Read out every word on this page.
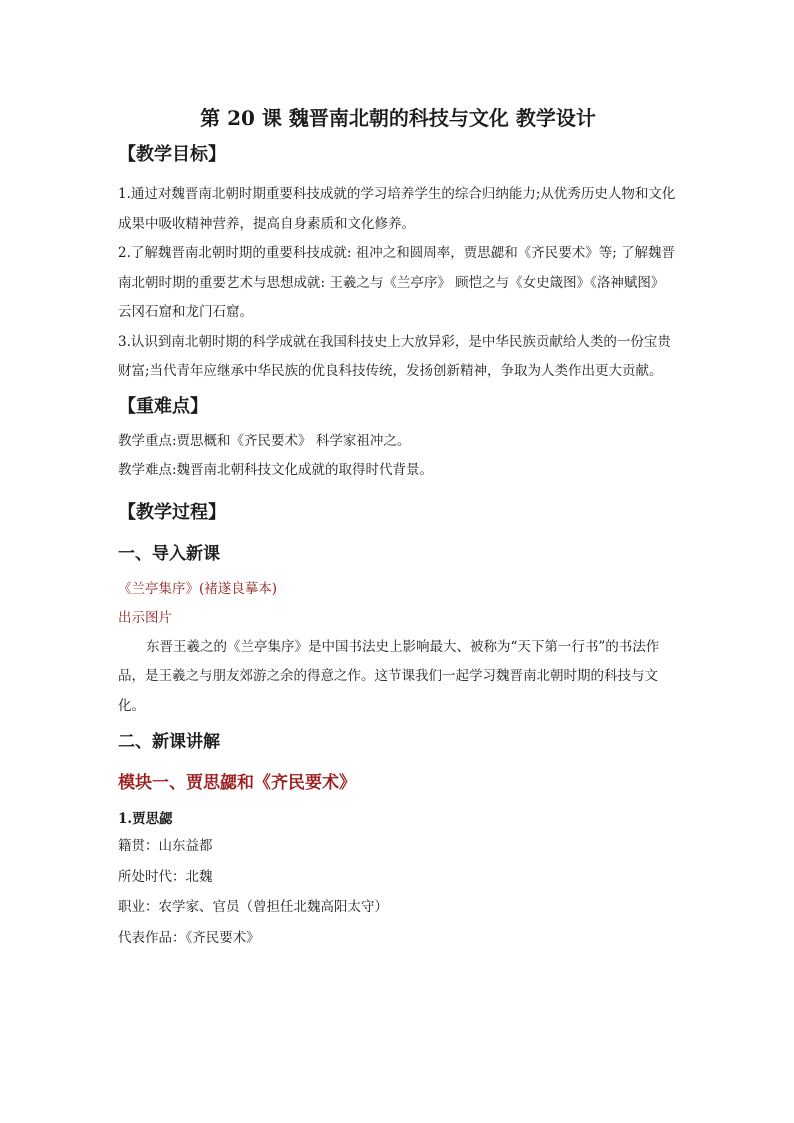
第 20 课 魏晋南北朝的科技与文化 教学设计
【教学目标】

1.通过对魏晋南北朝时期重要科技成就的学习培养学生的综合归纳能力;从优秀历史人物和文化成果中吸收精神营养，提高自身素质和文化修养。

2.了解魏晋南北朝时期的重要科技成就: 祖冲之和圆周率，贾思勰和《齐民要术》等; 了解魏晋南北朝时期的重要艺术与思想成就: 王羲之与《兰亭序》 顾恺之与《女史箴图》《洛神赋图》 云冈石窟和龙门石窟。

3.认识到南北朝时期的科学成就在我国科技史上大放异彩，是中华民族贡献给人类的一份宝贵财富;当代青年应继承中华民族的优良科技传统，发扬创新精神，争取为人类作出更大贡献。

【重难点】

教学重点:贾思概和《齐民要术》 科学家祖冲之。

教学难点:魏晋南北朝科技文化成就的取得时代背景。

【教学过程】
一、导入新课
《兰亭集序》(褚遂良摹本)
出示图片

东晋王羲之的《兰亭集序》是中国书法史上影响最大、被称为“天下第一行书”的书法作品，是王羲之与朋友郊游之余的得意之作。这节课我们一起学习魏晋南北朝时期的科技与文化。

二、新课讲解
模块一、贾思勰和《齐民要术》
1.贾思勰

籍贯：山东益都

所处时代：北魏

职业：农学家、官员（曾担任北魏高阳太守）

代表作品：《齐民要术》
